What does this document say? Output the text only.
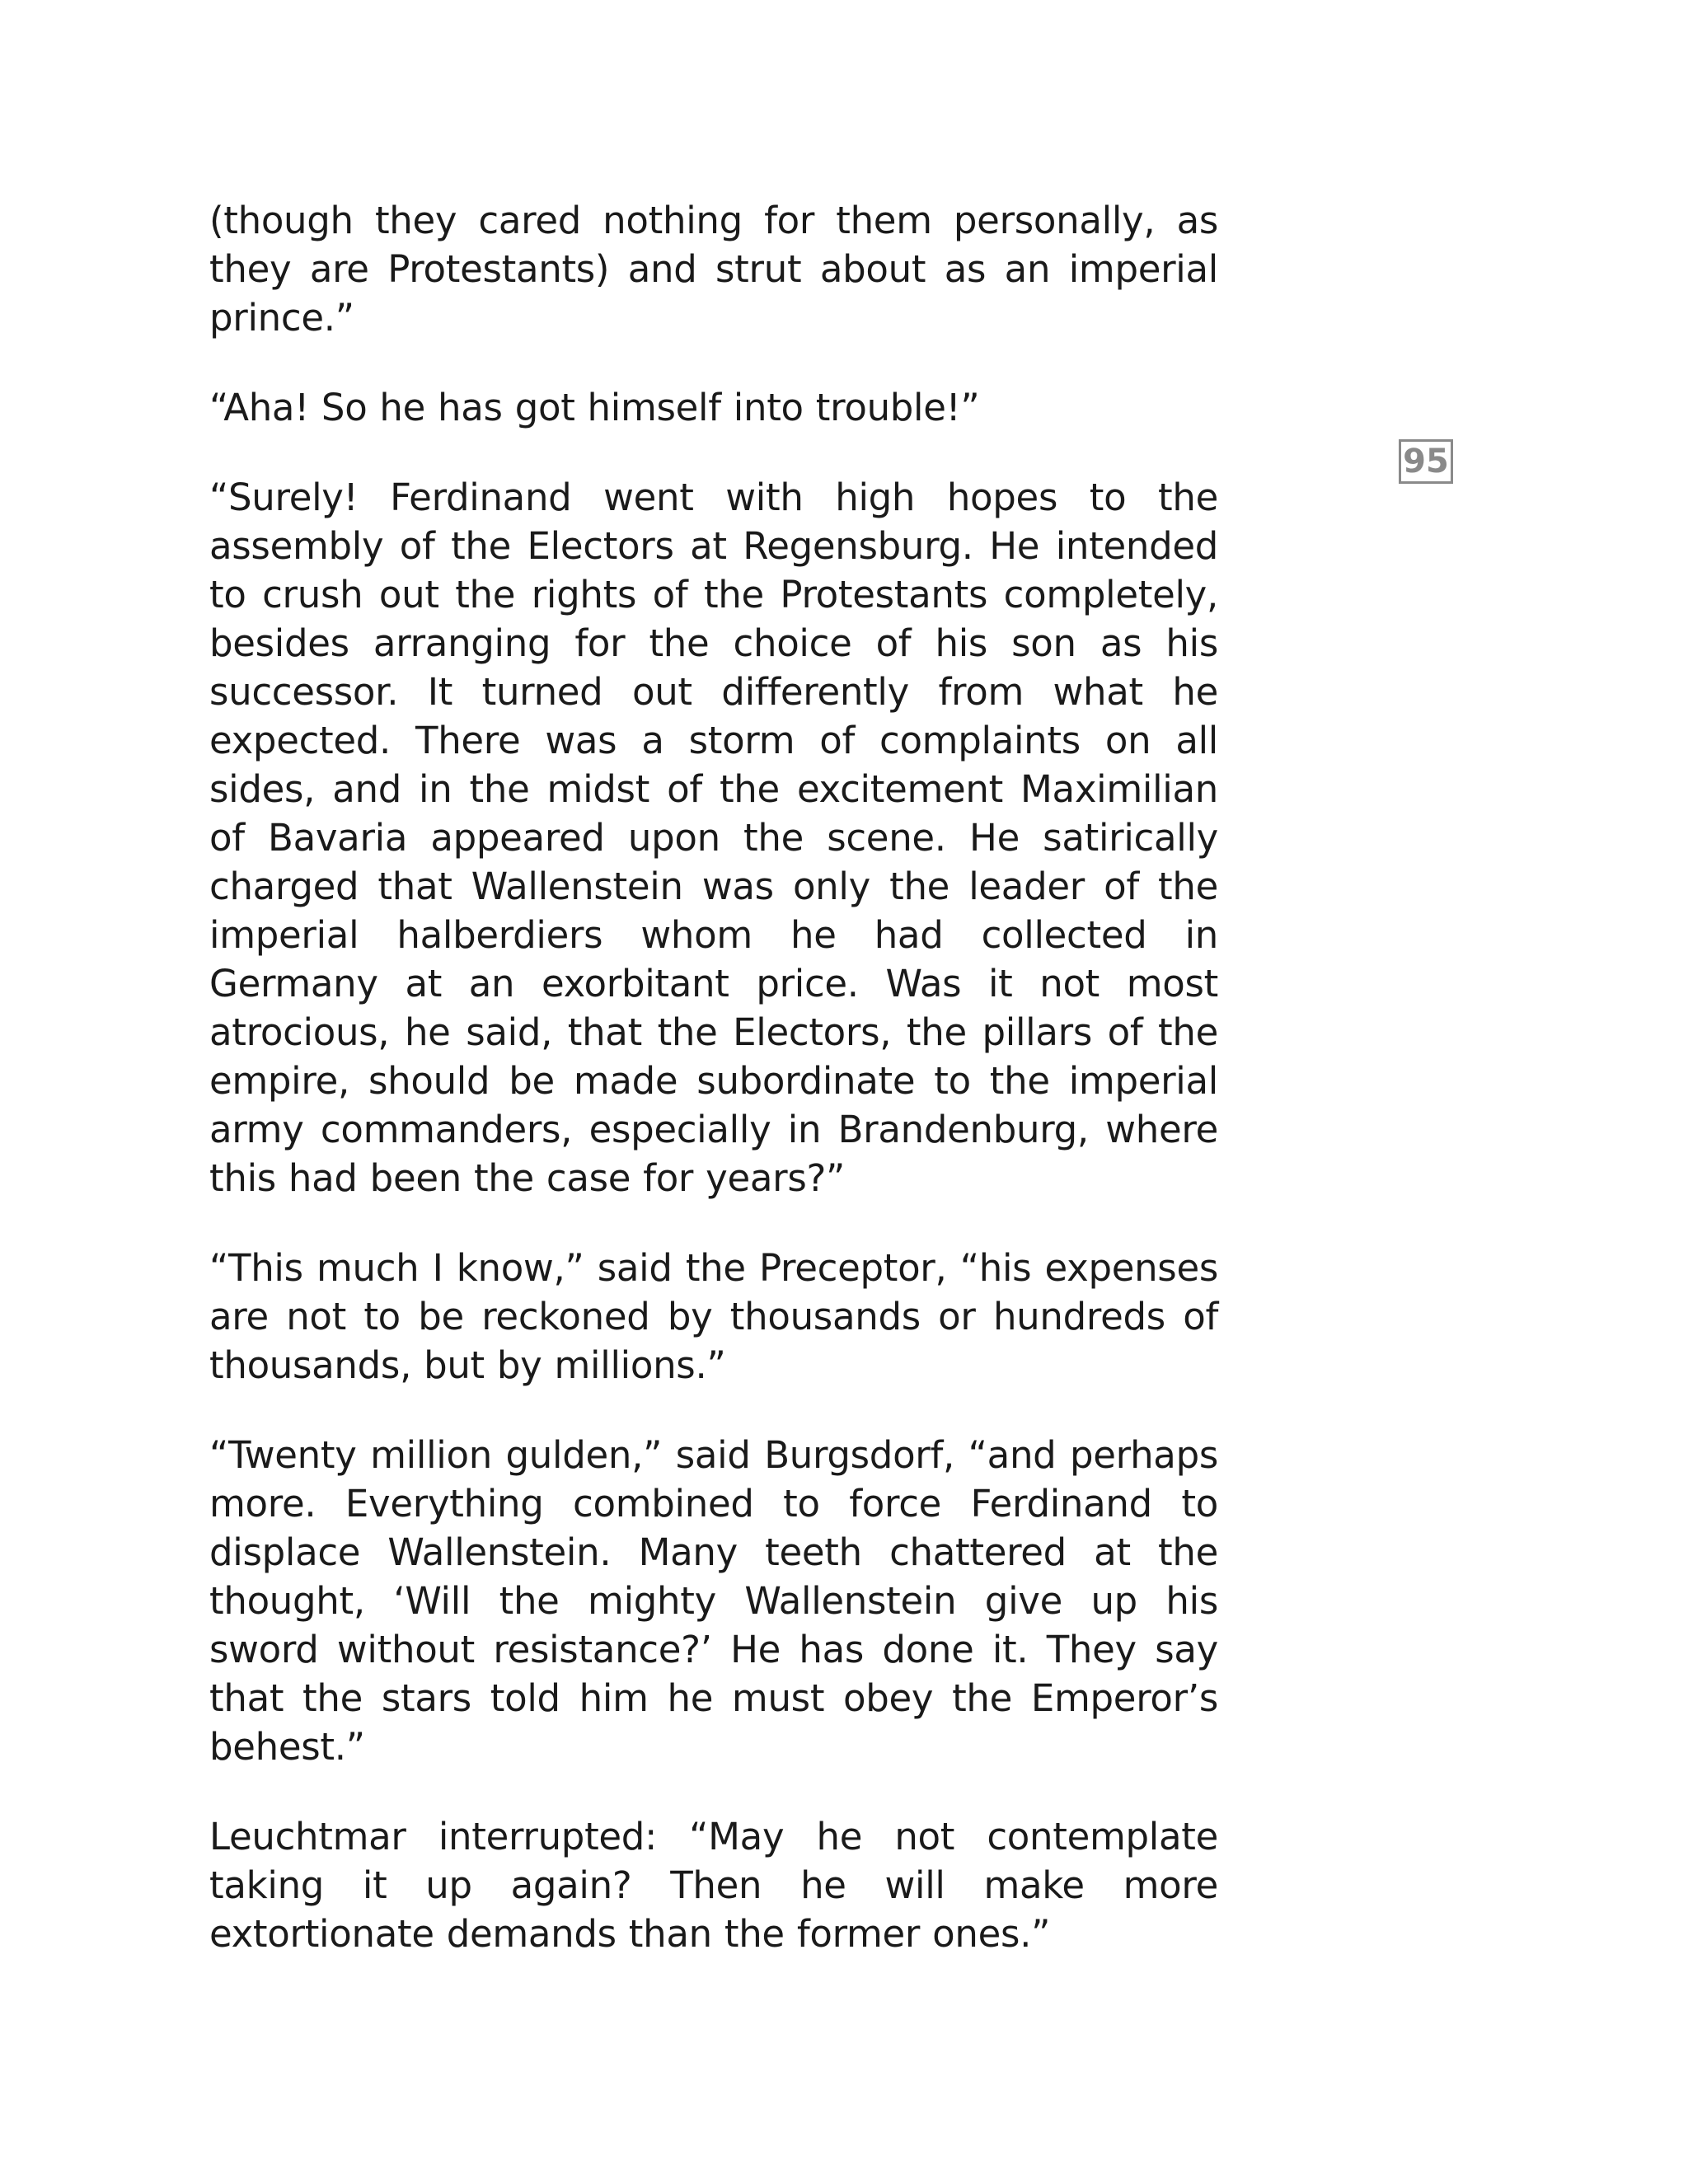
(though they cared nothing for them personally, as they are Protestants) and strut about as an imperial prince.”

“Aha! So he has got himself into trouble!”

“Surely! Ferdinand went with high hopes to the assembly of the Electors at Regensburg. He intended to crush out the rights of the Protestants completely, besides arranging for the choice of his son as his successor. It turned out differently from what he expected. There was a storm of complaints on all sides, and in the midst of the excitement Maximilian of Bavaria appeared upon the scene. He satirically charged that Wallenstein was only the leader of the imperial halberdiers whom he had collected in Germany at an exorbitant price. Was it not most atrocious, he said, that the Electors, the pillars of the empire, should be made subordinate to the imperial army commanders, especially in Brandenburg, where this had been the case for years?”

“This much I know,” said the Preceptor, “his expenses are not to be reckoned by thousands or hundreds of thousands, but by millions.”

“Twenty million gulden,” said Burgsdorf, “and perhaps more. Everything combined to force Ferdinand to displace Wallenstein. Many teeth chattered at the thought, ‘Will the mighty Wallenstein give up his sword without resistance?’ He has done it. They say that the stars told him he must obey the Emperor’s behest.”

Leuchtmar interrupted: “May he not contemplate taking it up again? Then he will make more extortionate demands than the former ones.”

95
